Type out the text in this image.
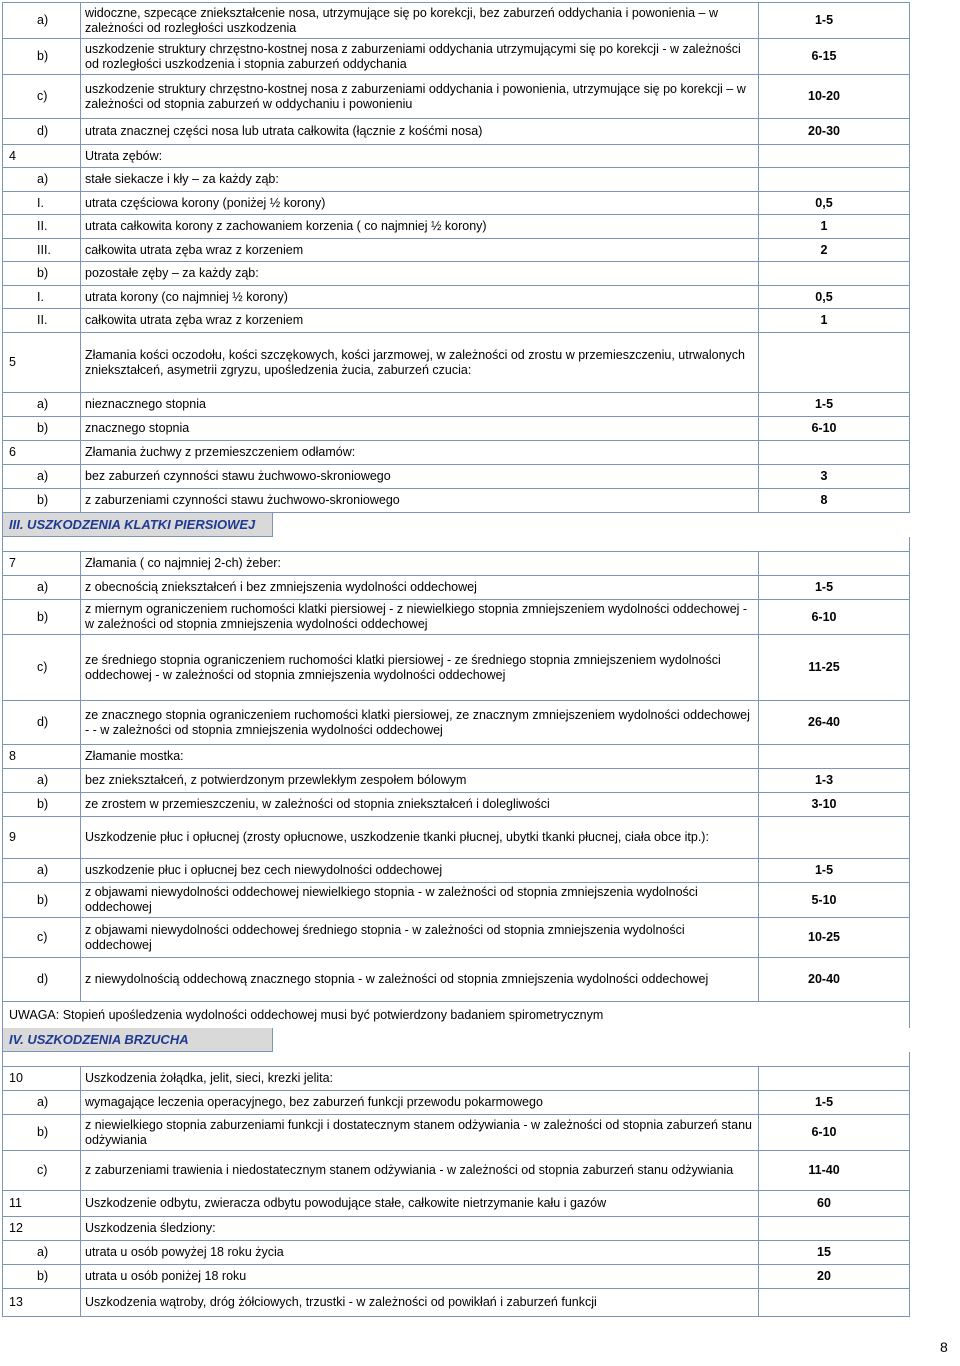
a)	widoczne, szpecące zniekształcenie nosa, utrzymujące się po korekcji, bez zaburzeń oddychania i powonienia – w zależności od rozległości uszkodzenia	1-5
b)	uszkodzenie struktury chrzęstno-kostnej nosa z zaburzeniami oddychania utrzymującymi się po korekcji - w zależności od rozległości uszkodzenia i stopnia zaburzeń oddychania	6-15
c)	uszkodzenie struktury chrzęstno-kostnej nosa z zaburzeniami oddychania i powonienia, utrzymujące się po korekcji – w zależności od stopnia zaburzeń w oddychaniu i powonieniu	10-20
d)	utrata znacznej części nosa lub utrata całkowita (łącznie z kośćmi nosa)	20-30
4	Utrata zębów:	
a)	stałe siekacze i kły – za każdy ząb:	
I.	utrata częściowa korony (poniżej ½ korony)	0,5
II.	utrata całkowita korony z zachowaniem korzenia ( co najmniej ½ korony)	1
III.	całkowita utrata zęba wraz z korzeniem	2
b)	pozostałe zęby – za każdy ząb:	
I.	utrata korony (co najmniej ½ korony)	0,5
II.	całkowita utrata zęba wraz z korzeniem	1
5	Złamania kości oczodołu, kości szczękowych, kości jarzmowej, w zależności od zrostu w przemieszczeniu, utrwalonych zniekształceń, asymetrii zgryzu, upośledzenia żucia, zaburzeń czucia:	
a)	nieznacznego stopnia	1-5
b)	znacznego stopnia	6-10
6	Złamania żuchwy z przemieszczeniem odłamów:	
a)	bez zaburzeń czynności stawu żuchwowo-skroniowego	3
b)	z zaburzeniami czynności stawu żuchwowo-skroniowego	8
III. USZKODZENIA KLATKI PIERSIOWEJ
7	Złamania ( co najmniej 2-ch) żeber:	
a)	z obecnością zniekształceń i bez zmniejszenia wydolności oddechowej	1-5
b)	z miernym ograniczeniem ruchomości klatki piersiowej - z niewielkiego stopnia zmniejszeniem wydolności oddechowej - w zależności od stopnia zmniejszenia wydolności oddechowej	6-10
c)	ze średniego stopnia ograniczeniem ruchomości klatki piersiowej - ze średniego stopnia zmniejszeniem wydolności oddechowej - w zależności od stopnia zmniejszenia wydolności oddechowej	11-25
d)	ze znacznego stopnia ograniczeniem ruchomości klatki piersiowej, ze znacznym zmniejszeniem wydolności oddechowej - - w zależności od stopnia zmniejszenia wydolności oddechowej	26-40
8	Złamanie mostka:	
a)	bez zniekształceń, z potwierdzonym przewlekłym zespołem bólowym	1-3
b)	ze zrostem w przemieszczeniu, w zależności od stopnia zniekształceń i dolegliwości	3-10
9	Uszkodzenie płuc i opłucnej (zrosty opłucnowe, uszkodzenie tkanki płucnej, ubytki tkanki płucnej, ciała obce itp.):	
a)	uszkodzenie płuc i opłucnej bez cech niewydolności oddechowej	1-5
b)	z objawami niewydolności oddechowej niewielkiego stopnia - w zależności od stopnia zmniejszenia wydolności oddechowej	5-10
c)	z objawami niewydolności oddechowej średniego stopnia - w zależności od stopnia zmniejszenia wydolności oddechowej	10-25
d)	z niewydolnością oddechową znacznego stopnia - w zależności od stopnia zmniejszenia wydolności oddechowej	20-40
UWAGA: Stopień upośledzenia wydolności oddechowej musi być potwierdzony badaniem spirometrycznym
IV. USZKODZENIA BRZUCHA
10	Uszkodzenia żołądka, jelit, sieci, krezki jelita:	
a)	wymagające leczenia operacyjnego, bez zaburzeń funkcji przewodu pokarmowego	1-5
b)	z niewielkiego stopnia zaburzeniami funkcji i dostatecznym stanem odżywiania - w zależności od stopnia zaburzeń stanu odżywiania	6-10
c)	z zaburzeniami trawienia i niedostatecznym stanem odżywiania - w zależności od stopnia zaburzeń stanu odżywiania	11-40
11	Uszkodzenie odbytu, zwieracza odbytu powodujące stałe, całkowite nietrzymanie kału i gazów	60
12	Uszkodzenia śledziony:	
a)	utrata u osób powyżej 18 roku życia	15
b)	utrata u osób poniżej 18 roku	20
13	Uszkodzenia wątroby, dróg żółciowych, trzustki - w zależności od powikłań i zaburzeń funkcji	
8
